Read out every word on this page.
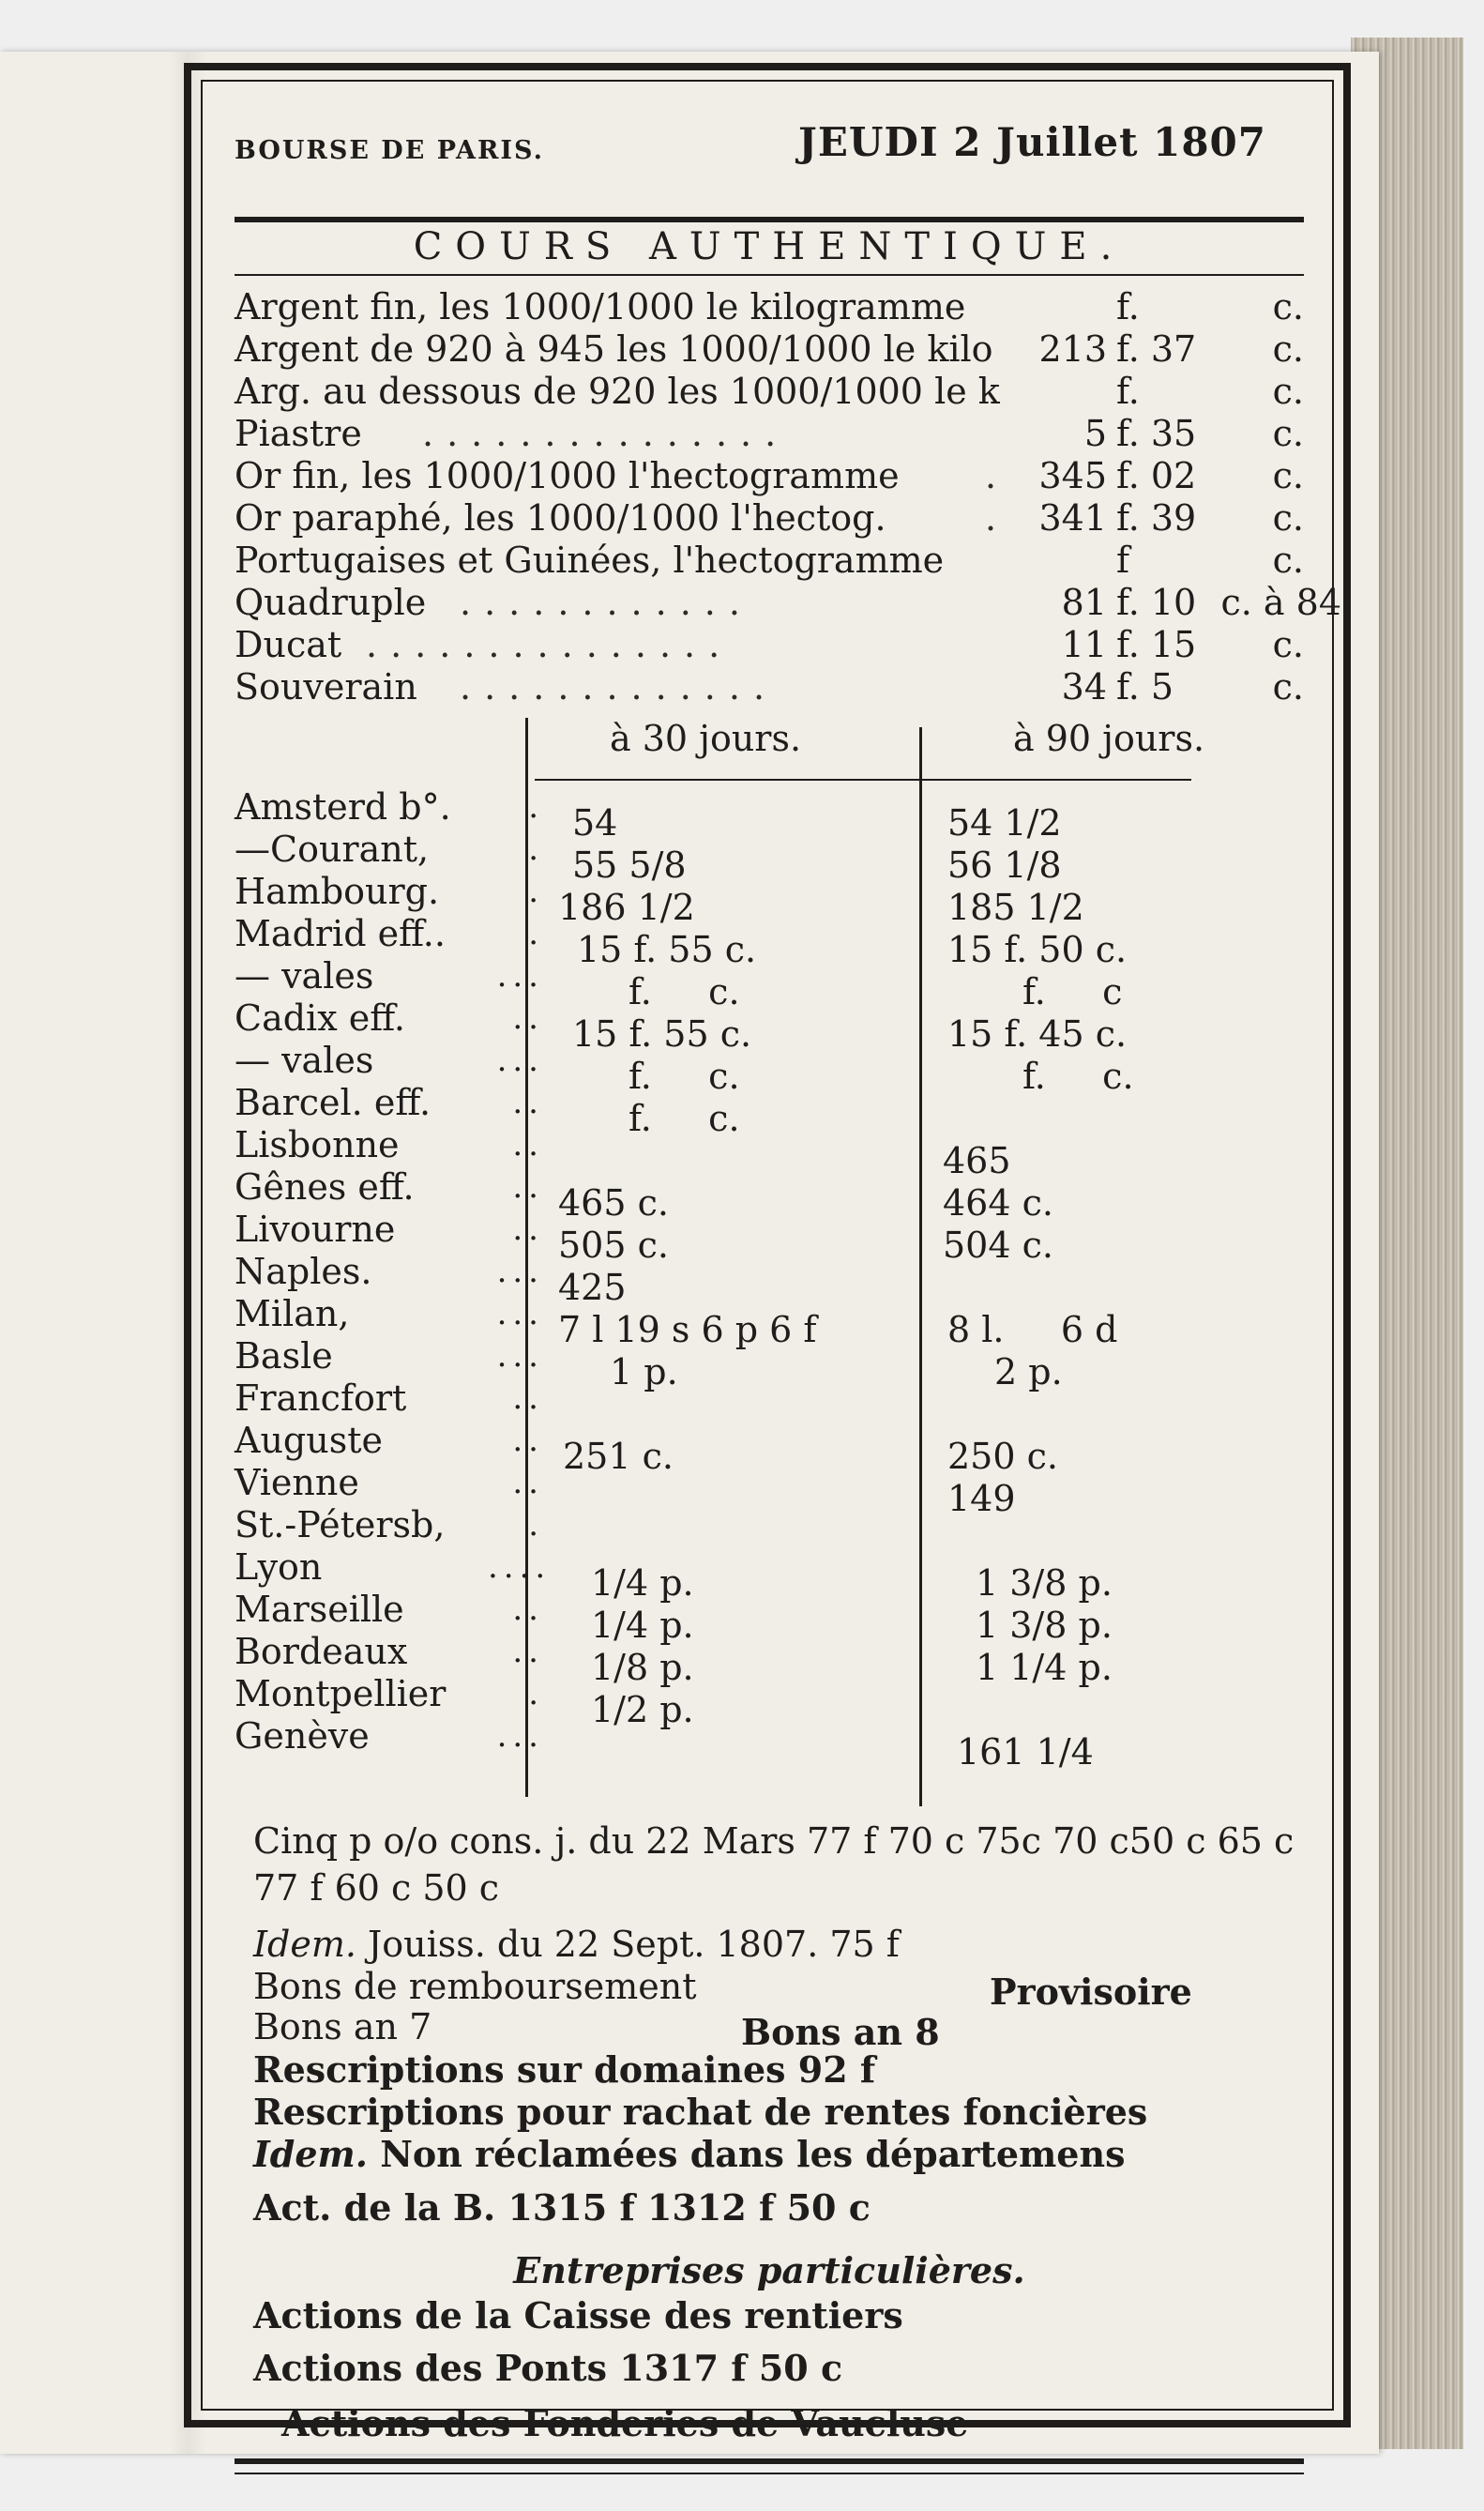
BOURSE DE PARIS.	JEUDI 2 Juillet 1807
COURS AUTHENTIQUE.
Argent fin, les 1000/1000 le kilogramme	f.	c.
Argent de 920 à 945 les 1000/1000 le kilo	213 f. 37	c.
Arg. au dessous de 920 les 1000/1000 le k	f.	c.
Piastre ...............	5 f. 35	c.
Or fin, les 1000/1000 l'hectogramme . 345 f. 02	c.
Or paraphé, les 1000/1000 l'hectog.	. 341 f. 39	c.
Portugaises et Guinées, l'hectogramme	f	c.
Quadruple ............	81 f. 10 c. à 84
Ducat ...............	11 f. 15	c.
Souverain .............	34 f. 5	c.
à 30 jours.	à 90 jours.
Amsterd b°.	. 54	54 1/2
—Courant,	. 55 5/8	56 1/8
Hambourg.	. 186 1/2	185 1/2
Madrid eff..	. 15 f. 55 c.	15 f. 50 c.
— vales	... f.     c.	f.     c
Cadix eff.	.. 15 f. 55 c.	15 f. 45 c.
— vales	... f.     c.	f.     c.
Barcel. eff.	.. f.     c.
Lisbonne	..	465
Gênes eff.	.. 465 c.	464 c.
Livourne	.. 505 c.	504 c.
Naples.	... 425
Milan,	... 7 l 19 s 6 p 6 f	8 l.     6 d
Basle	... 1 p.	2 p.
Francfort	..
Auguste	.. 251 c.	250 c.
Vienne	..	149
St.-Pétersb,	.
Lyon	.... 1/4 p.	1 3/8 p.
Marseille	.. 1/4 p.	1 3/8 p.
Bordeaux	.. 1/8 p.	1 1/4 p.
Montpellier	. 1/2 p.
Genève	...	161 1/4
Cinq p o/o cons. j. du 22 Mars 77 f 70 c 75c 70 c50 c 65 c
77 f 60 c 50 c
Idem. Jouiss. du 22 Sept. 1807. 75 f
Bons de remboursement	Provisoire
Bons an 7	Bons an 8
Rescriptions sur domaines 92 f
Rescriptions pour rachat de rentes foncières
Idem. Non réclamées dans les départemens
Act. de la B. 1315 f 1312 f 50 c
Entreprises particulières.
Actions de la Caisse des rentiers
Actions des Ponts 1317 f 50 c
Actions des Fonderies de Vaucluse
